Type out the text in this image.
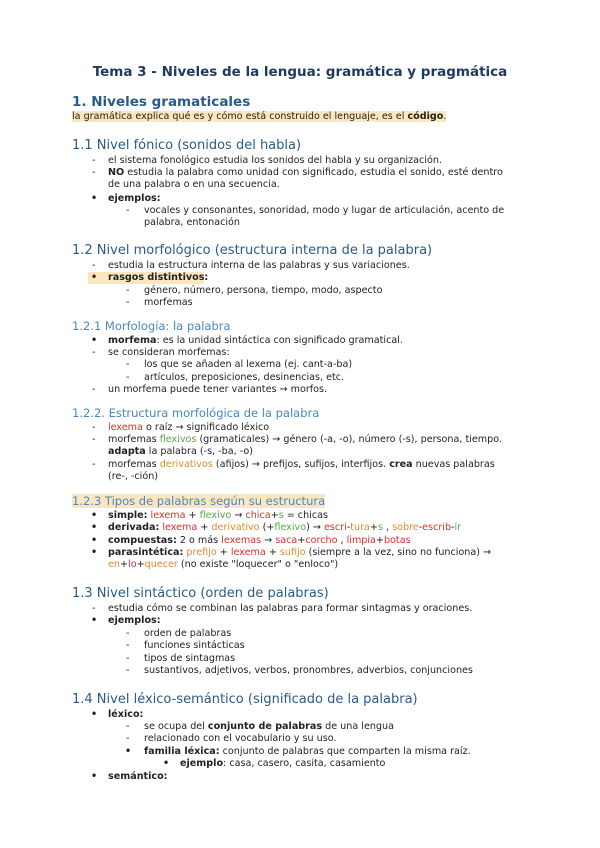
Tema 3 - Niveles de la lengua: gramática y pragmática
1. Niveles gramaticales
la gramática explica qué es y cómo está construido el lenguaje, es el código.
1.1 Nivel fónico (sonidos del habla)
- el sistema fonológico estudia los sonidos del habla y su organización.
- NO estudia la palabra como unidad con significado, estudia el sonido, esté dentro
de una palabra o en una secuencia.
• ejemplos:
- vocales y consonantes, sonoridad, modo y lugar de articulación, acento de
palabra, entonación
1.2 Nivel morfológico (estructura interna de la palabra)
- estudia la estructura interna de las palabras y sus variaciones.
• rasgos distintivos:
- género, número, persona, tiempo, modo, aspecto
- morfemas
1.2.1 Morfología: la palabra
• morfema: es la unidad sintáctica con significado gramatical.
- se consideran morfemas:
- los que se añaden al lexema (ej. cant-a-ba)
- artículos, preposiciones, desinencias, etc.
- un morfema puede tener variantes → morfos.
1.2.2. Estructura morfológica de la palabra
- lexema o raíz → significado léxico
- morfemas flexivos (gramaticales) → género (-a, -o), número (-s), persona, tiempo.
adapta la palabra (-s, -ba, -o)
- morfemas derivativos (afijos) → prefijos, sufijos, interfijos. crea nuevas palabras
(re-, -ción)
1.2.3 Tipos de palabras según su estructura
• simple: lexema + flexivo → chica+s = chicas
• derivada: lexema + derivativo (+flexivo) → escri-tura+s , sobre-escrib-ir
• compuestas: 2 o más lexemas → saca+corcho , limpia+botas
• parasintética: prefijo + lexema + sufijo (siempre a la vez, sino no funciona) →
en+lo+quecer (no existe "loquecer" o "enloco")
1.3 Nivel sintáctico (orden de palabras)
- estudia cómo se combinan las palabras para formar sintagmas y oraciones.
• ejemplos:
- orden de palabras
- funciones sintácticas
- tipos de sintagmas
- sustantivos, adjetivos, verbos, pronombres, adverbios, conjunciones
1.4 Nivel léxico-semántico (significado de la palabra)
• léxico:
- se ocupa del conjunto de palabras de una lengua
- relacionado con el vocabulario y su uso.
• familia léxica: conjunto de palabras que comparten la misma raíz.
• ejemplo: casa, casero, casita, casamiento
• semántico:
